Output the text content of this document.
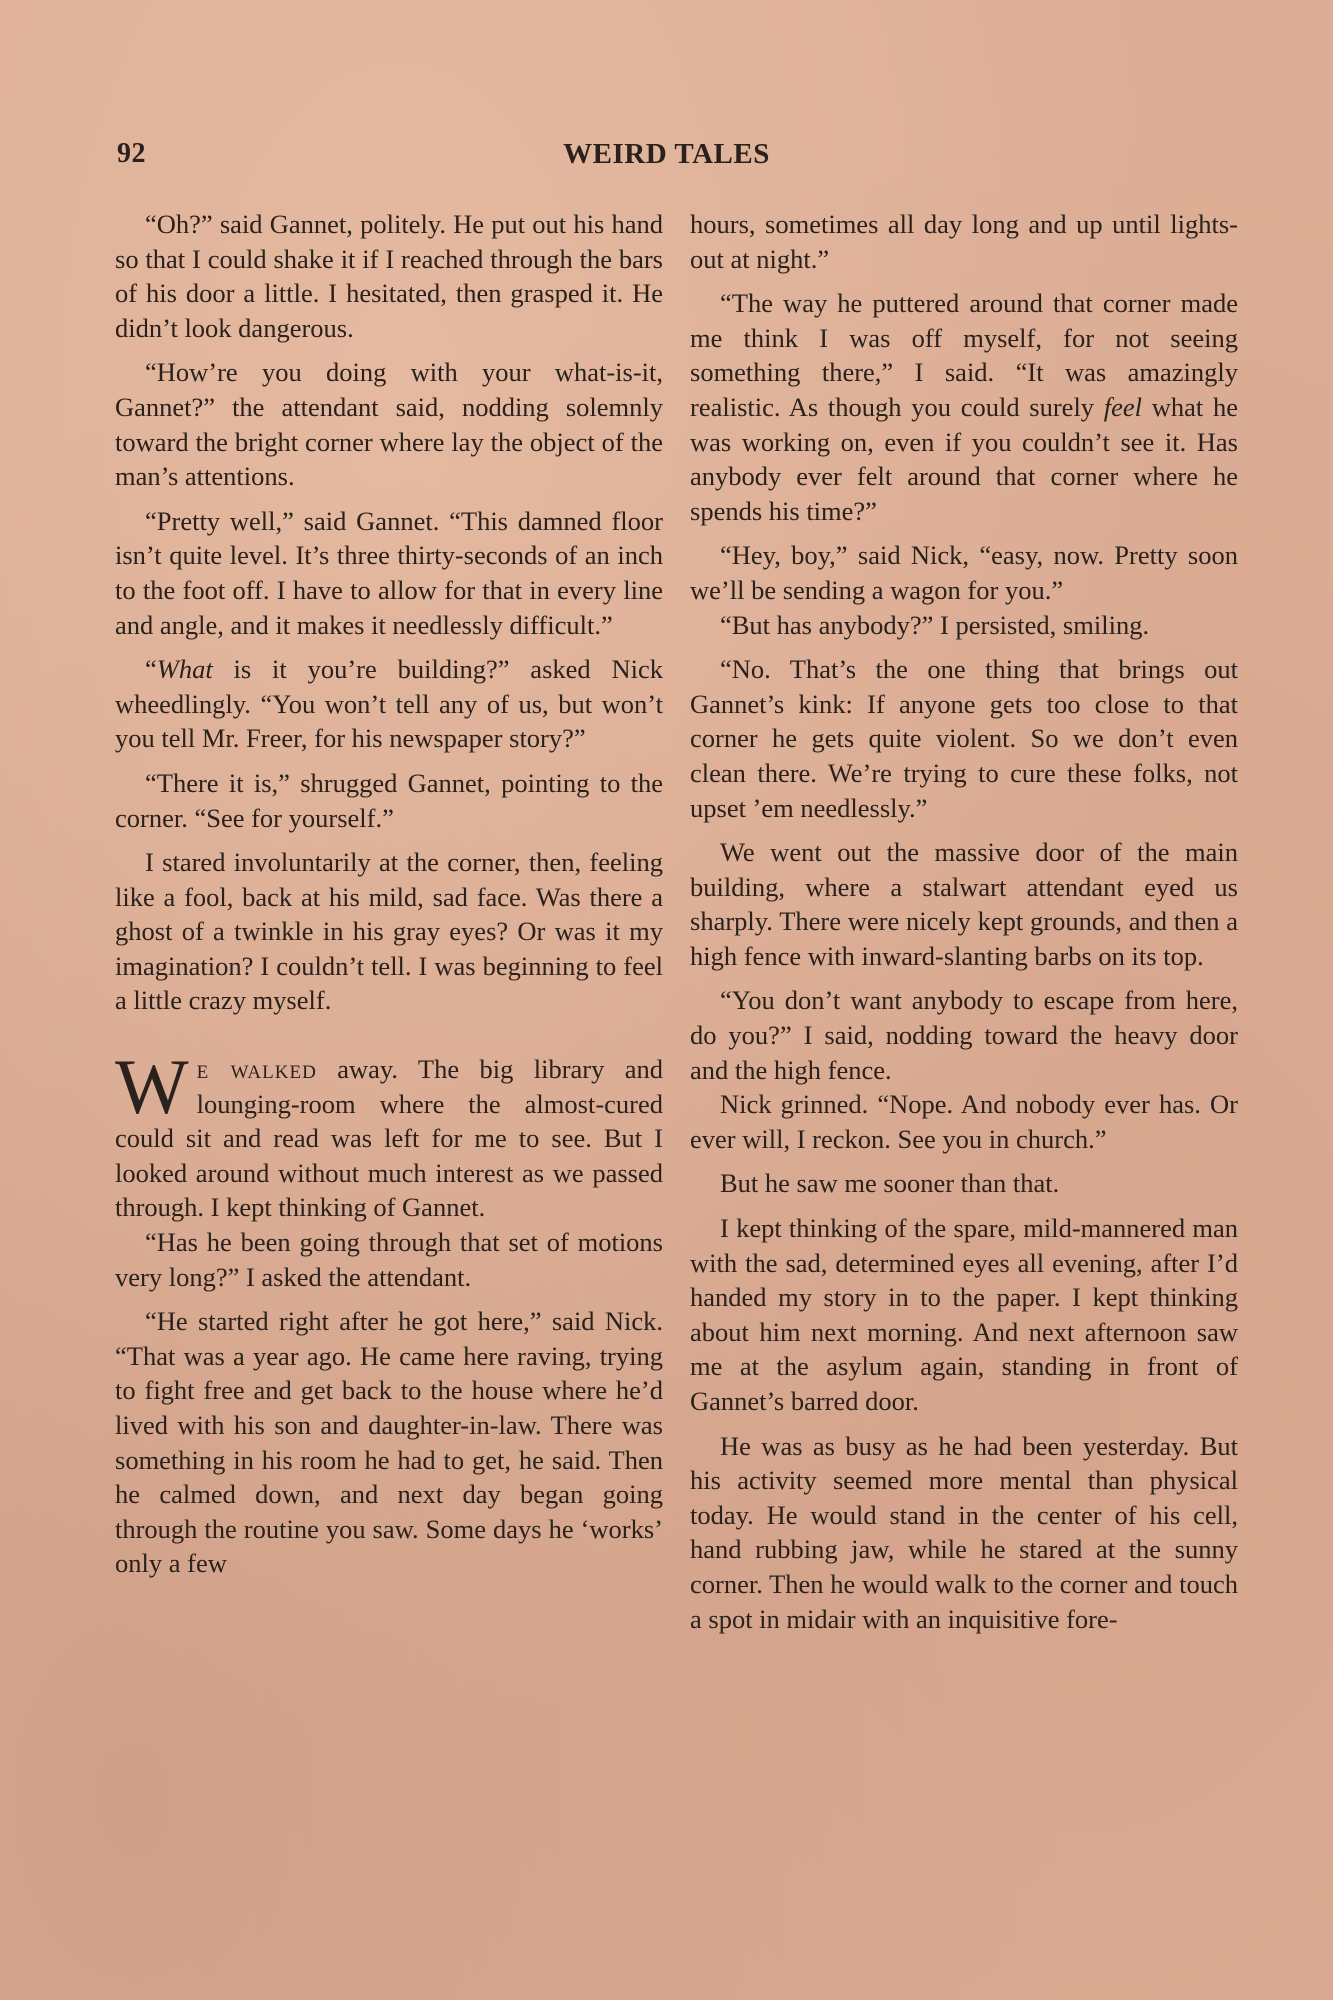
92	WEIRD TALES

“Oh?” said Gannet, politely. He put out his hand so that I could shake it if I reached through the bars of his door a little. I hesitated, then grasped it. He didn’t look dangerous.

“How’re you doing with your what-is-it, Gannet?” the attendant said, nodding solemnly toward the bright corner where lay the object of the man’s attentions.

“Pretty well,” said Gannet. “This damned floor isn’t quite level. It’s three thirty-seconds of an inch to the foot off. I have to allow for that in every line and angle, and it makes it needlessly difficult.”

“What is it you’re building?” asked Nick wheedlingly. “You won’t tell any of us, but won’t you tell Mr. Freer, for his newspaper story?”

“There it is,” shrugged Gannet, pointing to the corner. “See for yourself.”

I stared involuntarily at the corner, then, feeling like a fool, back at his mild, sad face. Was there a ghost of a twinkle in his gray eyes? Or was it my imagination? I couldn’t tell. I was beginning to feel a little crazy myself.

We walked away. The big library and lounging-room where the almost-cured could sit and read was left for me to see. But I looked around without much interest as we passed through. I kept thinking of Gannet.

“Has he been going through that set of motions very long?” I asked the attendant.

“He started right after he got here,” said Nick. “That was a year ago. He came here raving, trying to fight free and get back to the house where he’d lived with his son and daughter-in-law. There was something in his room he had to get, he said. Then he calmed down, and next day began going through the routine you saw. Some days he ‘works’ only a few

hours, sometimes all day long and up until lights-out at night.”

“The way he puttered around that corner made me think I was off myself, for not seeing something there,” I said. “It was amazingly realistic. As though you could surely feel what he was working on, even if you couldn’t see it. Has anybody ever felt around that corner where he spends his time?”

“Hey, boy,” said Nick, “easy, now. Pretty soon we’ll be sending a wagon for you.”

“But has anybody?” I persisted, smiling.

“No. That’s the one thing that brings out Gannet’s kink: If anyone gets too close to that corner he gets quite violent. So we don’t even clean there. We’re trying to cure these folks, not upset ’em needlessly.”

We went out the massive door of the main building, where a stalwart attendant eyed us sharply. There were nicely kept grounds, and then a high fence with inward-slanting barbs on its top.

“You don’t want anybody to escape from here, do you?” I said, nodding toward the heavy door and the high fence.

Nick grinned. “Nope. And nobody ever has. Or ever will, I reckon. See you in church.”

But he saw me sooner than that.

I kept thinking of the spare, mild-mannered man with the sad, determined eyes all evening, after I’d handed my story in to the paper. I kept thinking about him next morning. And next afternoon saw me at the asylum again, standing in front of Gannet’s barred door.

He was as busy as he had been yesterday. But his activity seemed more mental than physical today. He would stand in the center of his cell, hand rubbing jaw, while he stared at the sunny corner. Then he would walk to the corner and touch a spot in midair with an inquisitive fore-
